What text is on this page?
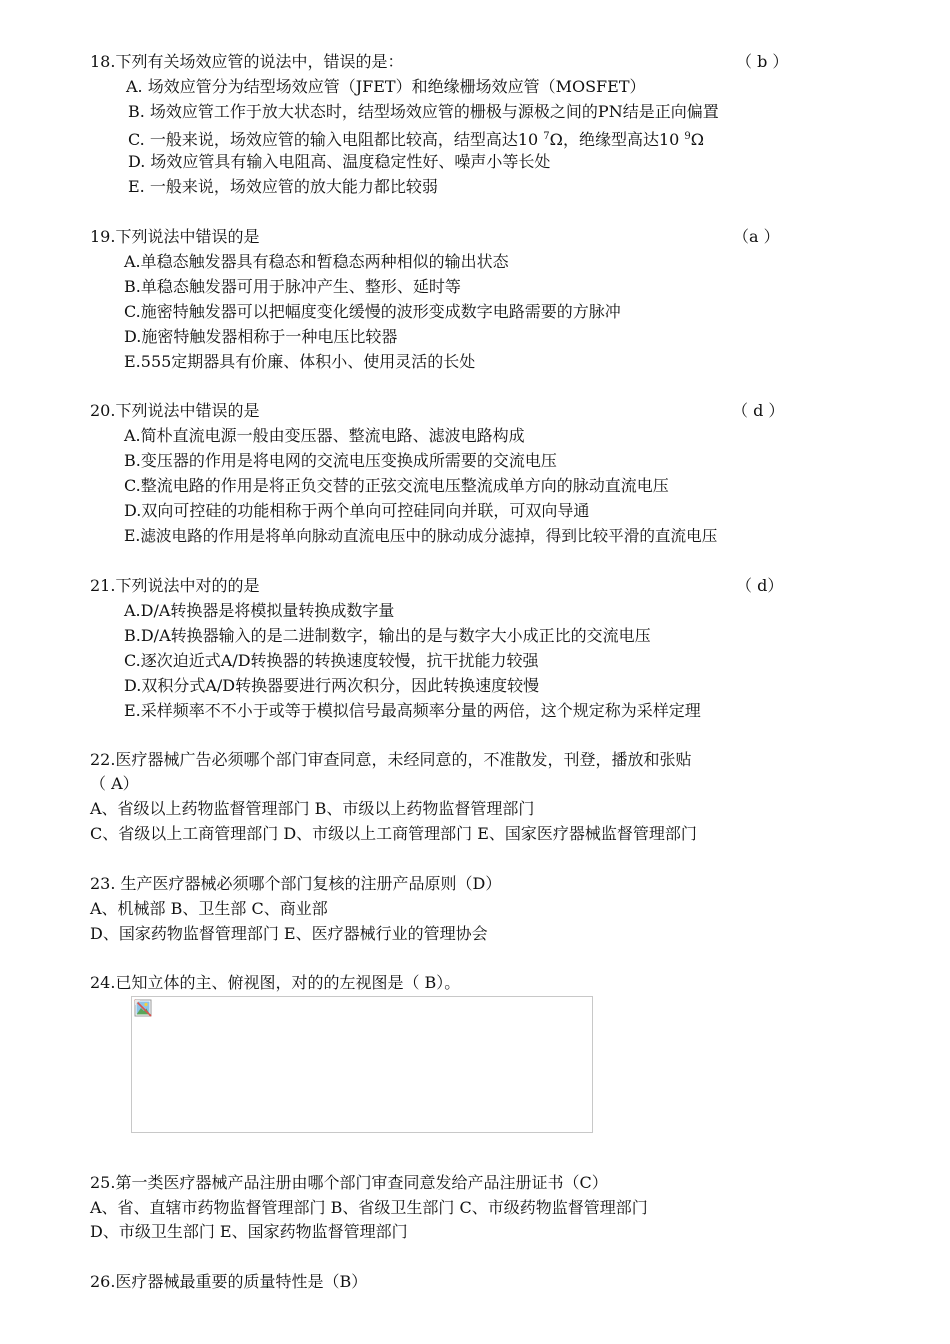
18.下列有关场效应管的说法中，错误的是：	（ b ）
A. 场效应管分为结型场效应管（JFET）和绝缘栅场效应管（MOSFET）
B. 场效应管工作于放大状态时，结型场效应管的栅极与源极之间的PN结是正向偏置
C. 一般来说，场效应管的输入电阻都比较高，结型高达10 $^7$Ω，绝缘型高达10 $^9$Ω
D. 场效应管具有输入电阻高、温度稳定性好、噪声小等长处
E. 一般来说，场效应管的放大能力都比较弱
19.下列说法中错误的是	（a ）
A.单稳态触发器具有稳态和暂稳态两种相似的输出状态
B.单稳态触发器可用于脉冲产生、整形、延时等
C.施密特触发器可以把幅度变化缓慢的波形变成数字电路需要的方脉冲
D.施密特触发器相称于一种电压比较器
E.555定期器具有价廉、体积小、使用灵活的长处
20.下列说法中错误的是	（ d ）
A.简朴直流电源一般由变压器、整流电路、滤波电路构成
B.变压器的作用是将电网的交流电压变换成所需要的交流电压
C.整流电路的作用是将正负交替的正弦交流电压整流成单方向的脉动直流电压
D.双向可控硅的功能相称于两个单向可控硅同向并联，可双向导通
E.滤波电路的作用是将单向脉动直流电压中的脉动成分滤掉，得到比较平滑的直流电压
21.下列说法中对的的是	（ d）
A.D/A转换器是将模拟量转换成数字量
B.D/A转换器输入的是二进制数字，输出的是与数字大小成正比的交流电压
C.逐次迫近式A/D转换器的转换速度较慢，抗干扰能力较强
D.双积分式A/D转换器要进行两次积分，因此转换速度较慢
E.采样频率不不小于或等于模拟信号最高频率分量的两倍，这个规定称为采样定理
22.医疗器械广告必须哪个部门审查同意，未经同意的，不准散发，刊登，播放和张贴
（ A）
A、省级以上药物监督管理部门 B、市级以上药物监督管理部门
C、省级以上工商管理部门 D、市级以上工商管理部门 E、国家医疗器械监督管理部门
23. 生产医疗器械必须哪个部门复核的注册产品原则（D）
A、机械部 B、卫生部 C、商业部
D、国家药物监督管理部门 E、医疗器械行业的管理协会
24.已知立体的主、俯视图，对的的左视图是（ B）。
25.第一类医疗器械产品注册由哪个部门审查同意发给产品注册证书（C）
A、省、直辖市药物监督管理部门 B、省级卫生部门 C、市级药物监督管理部门
D、市级卫生部门 E、国家药物监督管理部门
26.医疗器械最重要的质量特性是（B）
